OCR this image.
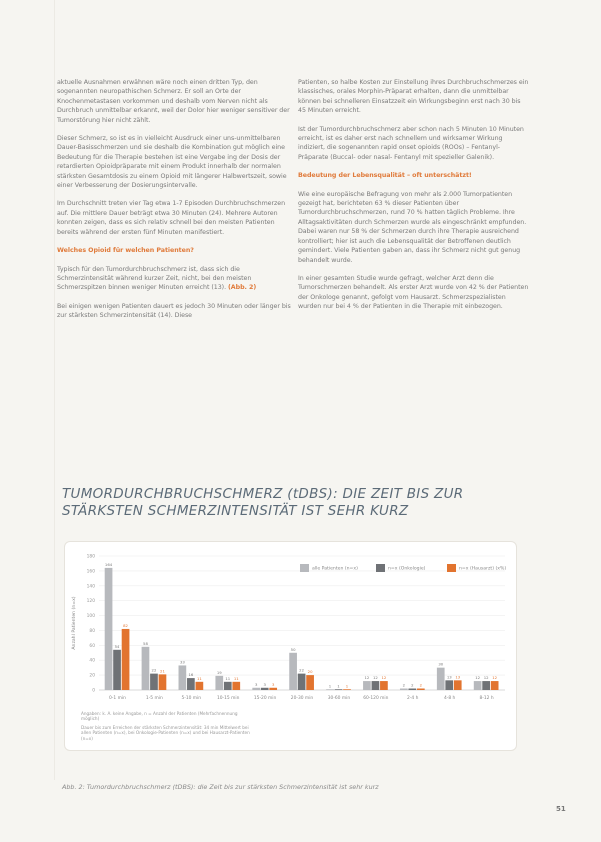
aktuelle Ausnahmen erwähnen wäre noch einen dritten Typ, den sogenannten neuropathischen Schmerz. Er soll an Orte der Knochenmetastasen vorkommen und deshalb vom Nerven nicht als Durchbruch unmittelbar erkannt, weil der Dolor hier weniger sensitiver der Tumorstörung hier nicht zählt.

Dieser Schmerz, so ist es in vielleicht Ausdruck einer uns-unmittelbaren Dauer-Basisschmerzen und sie deshalb die Kombination gut möglich eine Bedeutung für die Therapie bestehen ist eine Vergabe ing der Dosis der retardierten Opioidpräparate mit einem Produkt innerhalb der normalen stärksten Gesamtdosis zu einem Opioid mit längerer Halbwertszeit, sowie einer Verbesserung der Dosierungsintervalle.

Im Durchschnitt treten vier Tag etwa 1-7 Episoden Durchbruchschmerzen auf. Die mittlere Dauer beträgt etwa 30 Minuten (24). Mehrere Autoren konnten zeigen, dass es sich relativ schnell bei den meisten Patienten bereits während der ersten fünf Minuten manifestiert.

Welches Opioid für welchen Patienten?

Typisch für den Tumordurchbruchschmerz ist, dass sich die Schmerzintensität während kurzer Zeit, nicht, bei den meisten Schmerzspitzen binnen weniger Minuten erreicht (13). (Abb. 2)

Bei einigen wenigen Patienten dauert es jedoch 30 Minuten oder länger bis zur stärksten Schmerzintensität (14). Diese

Patienten, so halbe Kosten zur Einstellung ihres Durchbruchschmerzes ein klassisches, orales Morphin-Präparat erhalten, dann die unmittelbar können bei schnelleren Einsatzzeit ein Wirkungsbeginn erst nach 30 bis 45 Minuten erreicht.

Ist der Tumordurchbruchschmerz aber schon nach 5 Minuten 10 Minuten erreicht, ist es daher erst nach schnellem und wirksamer Wirkung indiziert, die sogenannten rapid onset opioids (ROOs) – Fentanyl-Präparate (Buccal- oder nasal- Fentanyl mit spezieller Galenik).

Bedeutung der Lebensqualität – oft unterschätzt!

Wie eine europäische Befragung von mehr als 2.000 Tumorpatienten gezeigt hat, berichteten 63 % dieser Patienten über Tumordurchbruchschmerzen, rund 70 % hatten täglich Probleme. Ihre Alltagsaktivitäten durch Schmerzen wurde als eingeschränkt empfunden. Dabei waren nur 58 % der Schmerzen durch ihre Therapie ausreichend kontrolliert; hier ist auch die Lebensqualität der Betroffenen deutlich gemindert. Viele Patienten gaben an, dass ihr Schmerz nicht gut genug behandelt wurde.

In einer gesamten Studie wurde gefragt, welcher Arzt denn die Tumorschmerzen behandelt. Als erster Arzt wurde von 42 % der Patienten der Onkologe genannt, gefolgt vom Hausarzt. Schmerzspezialisten wurden nur bei 4 % der Patienten in die Therapie mit einbezogen.

TUMORDURCHBRUCHSCHMERZ (tDBS): DIE ZEIT BIS ZUR STÄRKSTEN SCHMERZINTENSITÄT IST SEHR KURZ
0
20
40
60
80
100
120
140
160
180
Anzahl Patienten (n=x)
164
54
82
0-1 min
58
22 21
1-5 min
33
16
11
5-10 min
19
11 11
10-15 min
3 3 3
15-20 min
50
22 20
20-30 min
1 1 1
30-60 min
12 12 12
60-120 min
2 2 2
2-4 h
30
13 13
4-8 h
12 12 12
8-12 h
alle Patienten (n=x)	n=x (Onkologie)	n=x (Hausarzt) (x%)

Angaben: k. A. keine Angabe, n = Anzahl der Patienten (Mehrfachnennung möglich)

Dauer bis zum Erreichen der stärksten Schmerzintensität: 34 min Mittelwert bei allen Patienten (n=x), bei Onkologie-Patienten (n=x) und bei Hausarzt-Patienten (n=x)

Abb. 2: Tumordurchbruchschmerz (tDBS): die Zeit bis zur stärksten Schmerzintensität ist sehr kurz
51
